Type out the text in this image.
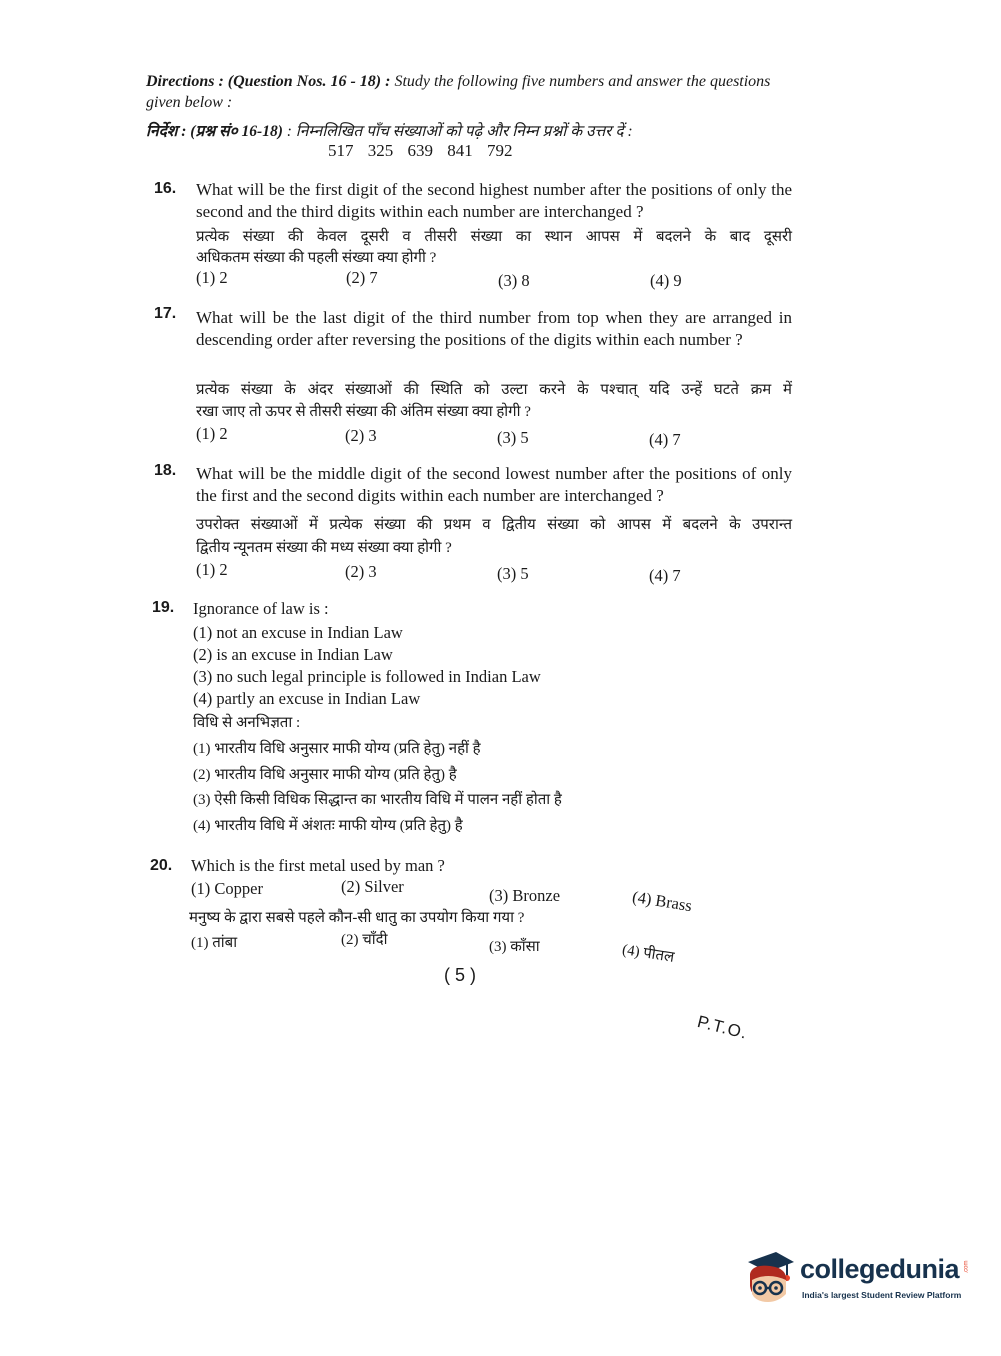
Directions : (Question Nos. 16 - 18) : Study the following five numbers and answer the questions given below :
निर्देश : (प्रश्न सं० 16-18) : निम्नलिखित पाँच संख्याओं को पढ़े और निम्न प्रश्नों के उत्तर दें :
517 325 639 841 792
16. What will be the first digit of the second highest number after the positions of only the second and the third digits within each number are interchanged ?
प्रत्येक संख्या की केवल दूसरी व तीसरी संख्या का स्थान आपस में बदलने के बाद दूसरी
अधिकतम संख्या की पहली संख्या क्या होगी ?
(1) 2	(2) 7	(3) 8	(4) 9
17. What will be the last digit of the third number from top when they are arranged in descending order after reversing the positions of the digits within each number ?
प्रत्येक संख्या के अंदर संख्याओं की स्थिति को उल्टा करने के पश्चात् यदि उन्हें घटते क्रम में
रखा जाए तो ऊपर से तीसरी संख्या की अंतिम संख्या क्या होगी ?
(1) 2	(2) 3	(3) 5	(4) 7
18. What will be the middle digit of the second lowest number after the positions of only the first and the second digits within each number are interchanged ?
उपरोक्त संख्याओं में प्रत्येक संख्या की प्रथम व द्वितीय संख्या को आपस में बदलने के उपरान्त
द्वितीय न्यूनतम संख्या की मध्य संख्या क्या होगी ?
(1) 2	(2) 3	(3) 5	(4) 7
19. Ignorance of law is :
(1) not an excuse in Indian Law
(2) is an excuse in Indian Law
(3) no such legal principle is followed in Indian Law
(4) partly an excuse in Indian Law
विधि से अनभिज्ञता :
(1) भारतीय विधि अनुसार माफी योग्य (प्रति हेतु) नहीं है
(2) भारतीय विधि अनुसार माफी योग्य (प्रति हेतु) है
(3) ऐसी किसी विधिक सिद्धान्त का भारतीय विधि में पालन नहीं होता है
(4) भारतीय विधि में अंशतः माफी योग्य (प्रति हेतु) है
20. Which is the first metal used by man ?
(1) Copper	(2) Silver	(3) Bronze	(4) Brass
मनुष्य के द्वारा सबसे पहले कौन-सी धातु का उपयोग किया गया ?
(1) तांबा	(2) चाँदी	(3) काँसा	(4) पीतल
( 5 )
P.T.O.
collegedunia .com
India's largest Student Review Platform
